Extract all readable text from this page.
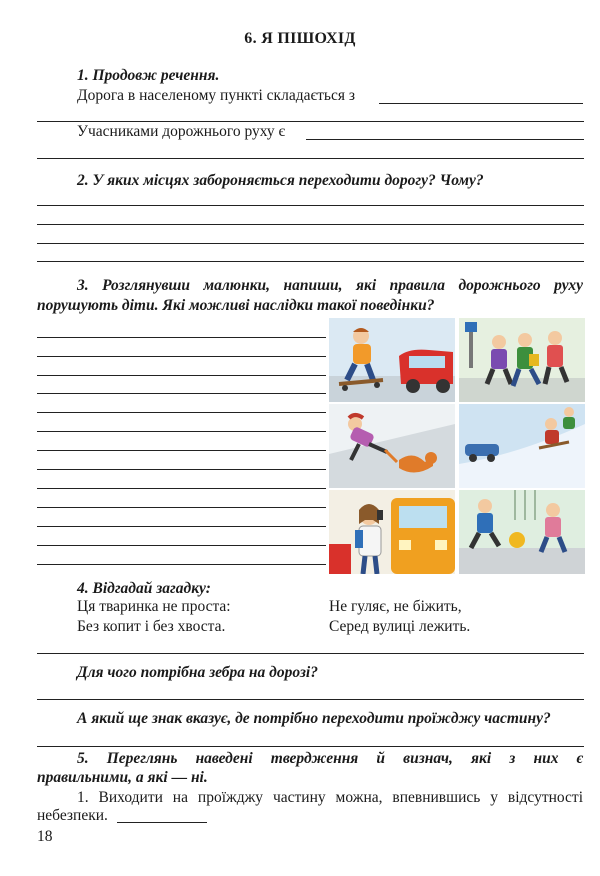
6. Я ПІШОХІД
1. Продовж речення.
Дорога в населеному пункті складається з
Учасниками дорожнього руху є
2. У яких місцях забороняється переходити дорогу? Чому?
3. Розглянувши малюнки, напиши, які правила дорожнього руху
порушують діти. Які можливі наслідки такої поведінки?
4. Відгадай загадку:
Ця тваринка не проста:
Без копит і без хвоста.
Не гуляє, не біжить,
Серед вулиці лежить.
Для чого потрібна зебра на дорозі?
А який ще знак вказує, де потрібно переходити проїжджу частину?
5. Переглянь наведені твердження й визнач, які з них є
правильними, а які — ні.
1. Виходити на проїжджу частину можна, впевнившись у відсутності
небезпеки.
18
